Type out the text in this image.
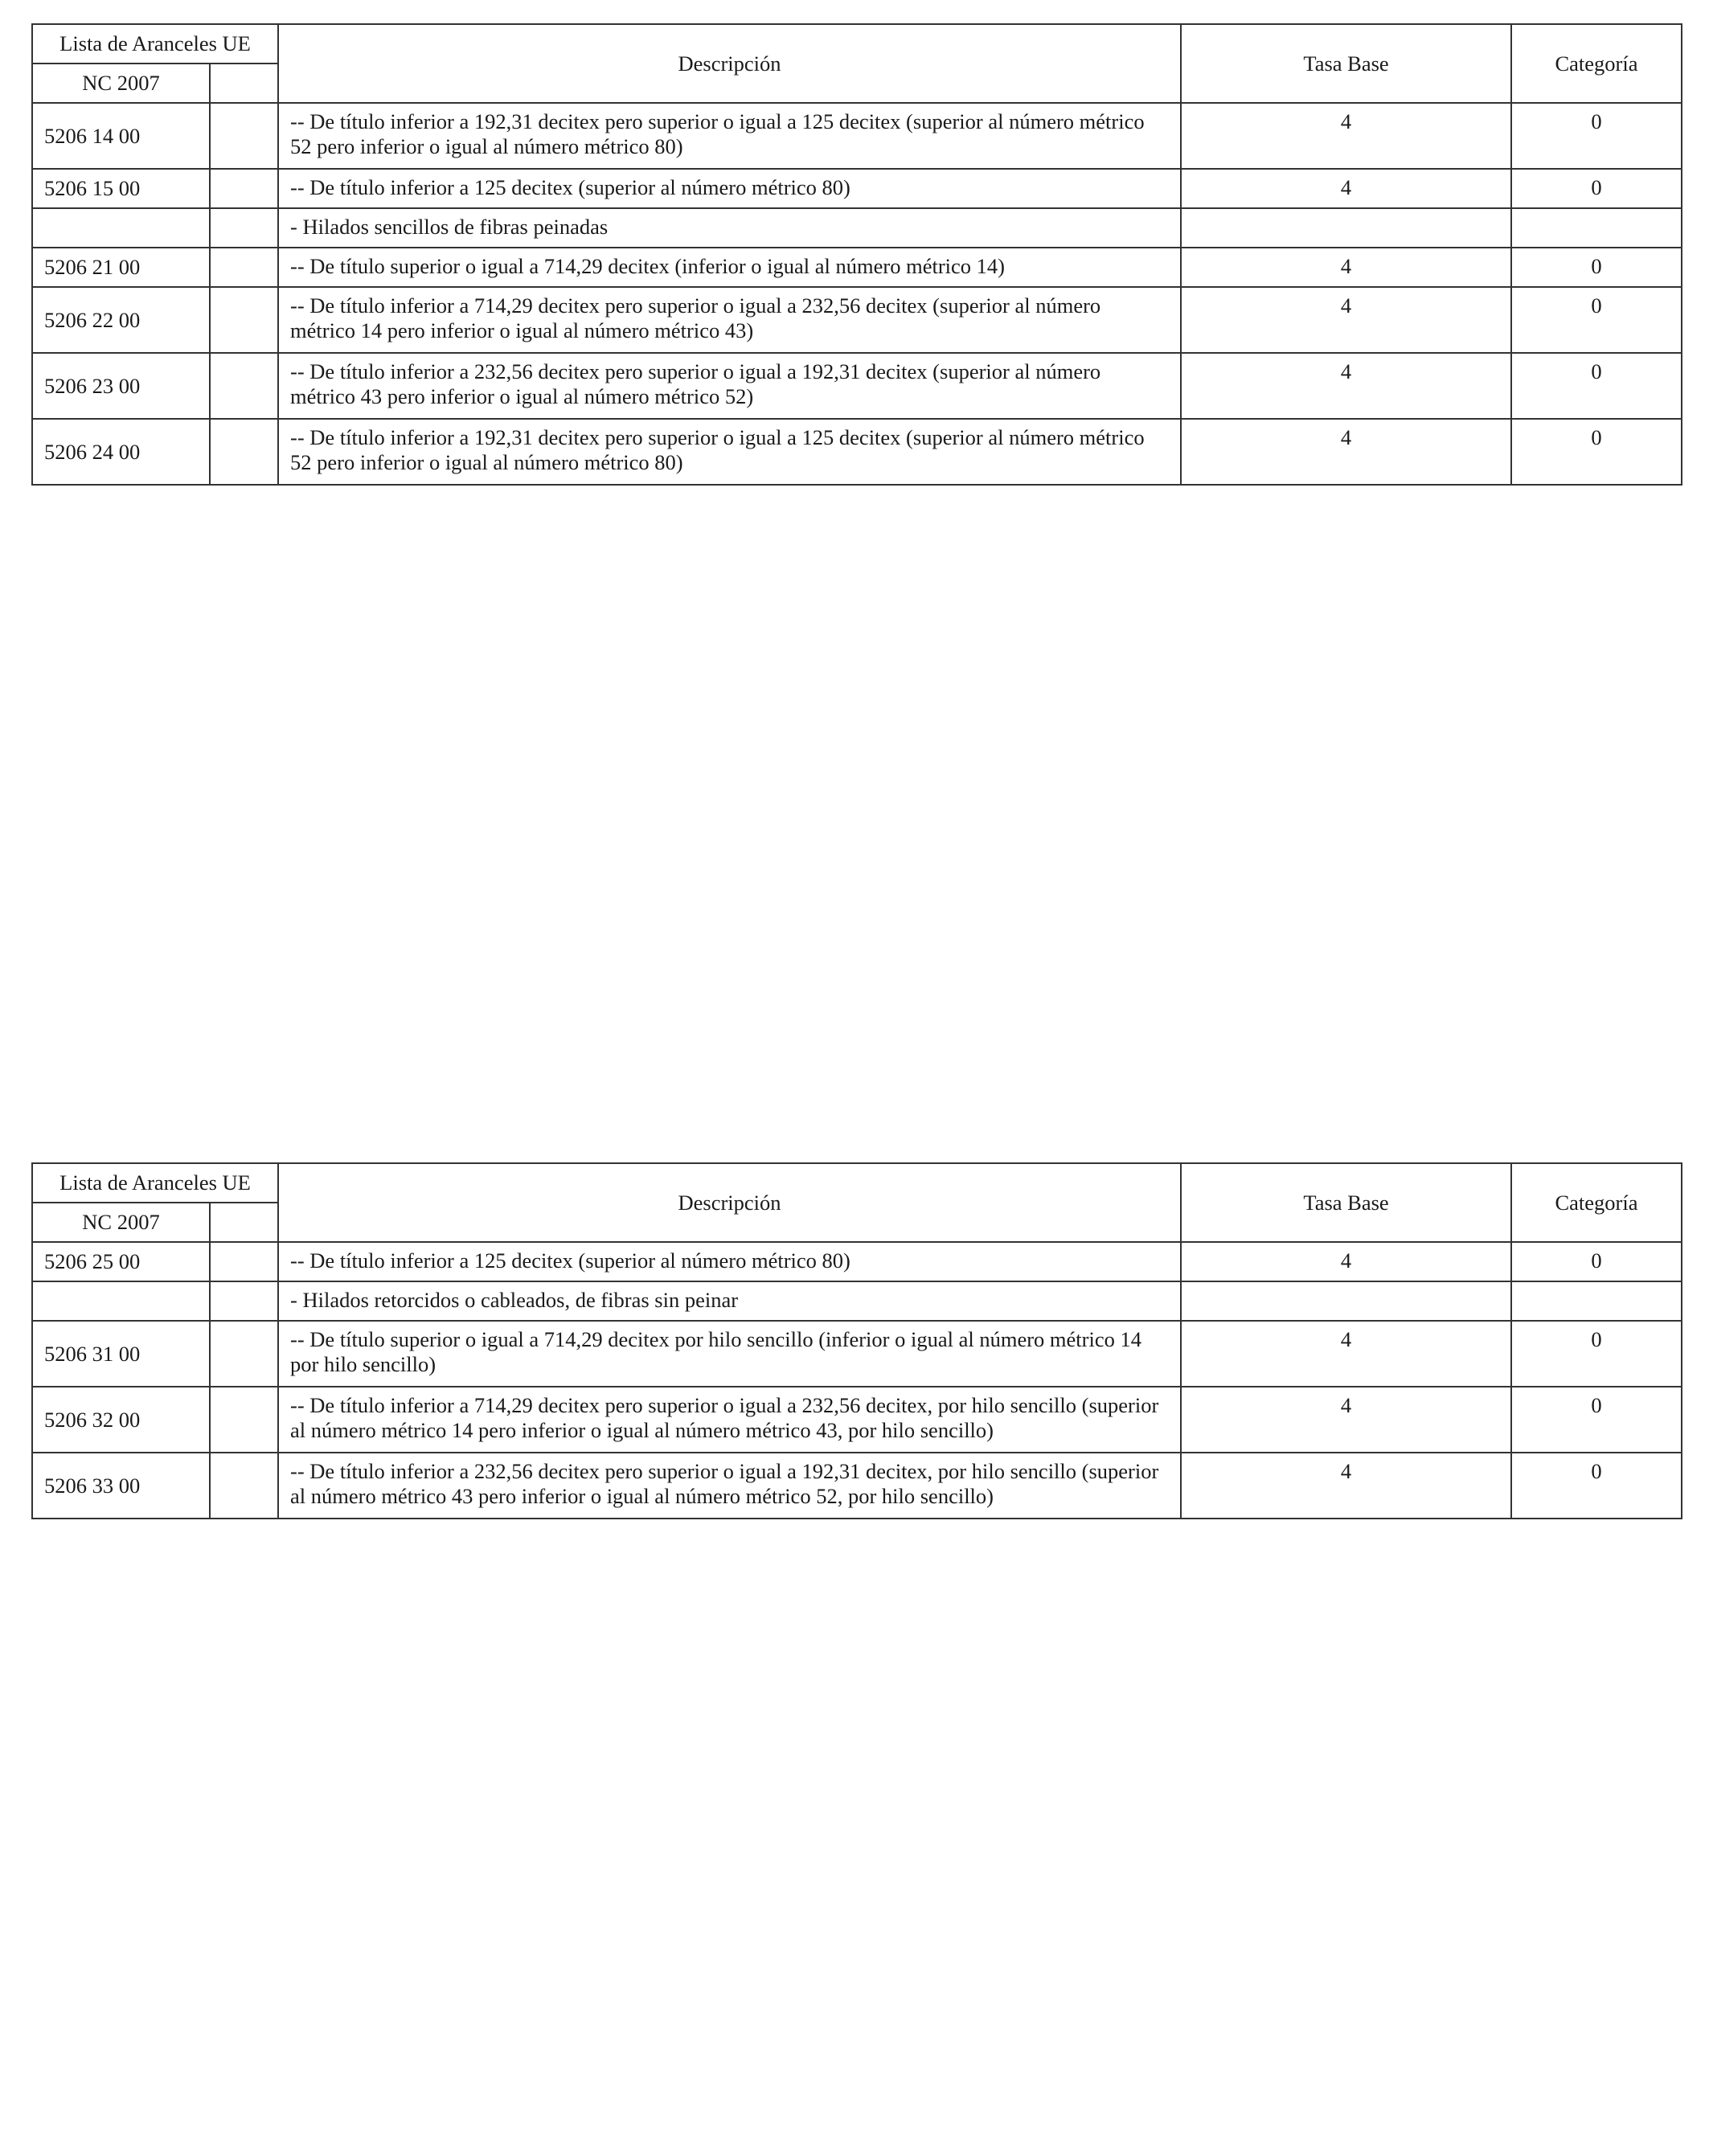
Lista de Aranceles UE		Descripción	Tasa Base	Categoría
NC 2007				
5206 14 00		-- De título inferior a 192,31 decitex pero superior o igual a 125 decitex (superior al número métrico 52 pero inferior o igual al número métrico 80)	4	0
5206 15 00		-- De título inferior a 125 decitex (superior al número métrico 80)	4	0
		- Hilados sencillos de fibras peinadas		
5206 21 00		-- De título superior o igual a 714,29 decitex (inferior o igual al número métrico 14)	4	0
5206 22 00		-- De título inferior a 714,29 decitex pero superior o igual a 232,56 decitex (superior al número métrico 14 pero inferior o igual al número métrico 43)	4	0
5206 23 00		-- De título inferior a 232,56 decitex pero superior o igual a 192,31 decitex (superior al número métrico 43 pero inferior o igual al número métrico 52)	4	0
5206 24 00		-- De título inferior a 192,31 decitex pero superior o igual a 125 decitex (superior al número métrico 52 pero inferior o igual al número métrico 80)	4	0
Lista de Aranceles UE		Descripción	Tasa Base	Categoría
NC 2007				
5206 25 00		-- De título inferior a 125 decitex (superior al número métrico 80)	4	0
		- Hilados retorcidos o cableados, de fibras sin peinar		
5206 31 00		-- De título superior o igual a 714,29 decitex por hilo sencillo (inferior o igual al número métrico 14 por hilo sencillo)	4	0
5206 32 00		-- De título inferior a 714,29 decitex pero superior o igual a 232,56 decitex, por hilo sencillo (superior al número métrico 14 pero inferior o igual al número métrico 43, por hilo sencillo)	4	0
5206 33 00		-- De título inferior a 232,56 decitex pero superior o igual a 192,31 decitex, por hilo sencillo (superior al número métrico 43 pero inferior o igual al número métrico 52, por hilo sencillo)	4	0
